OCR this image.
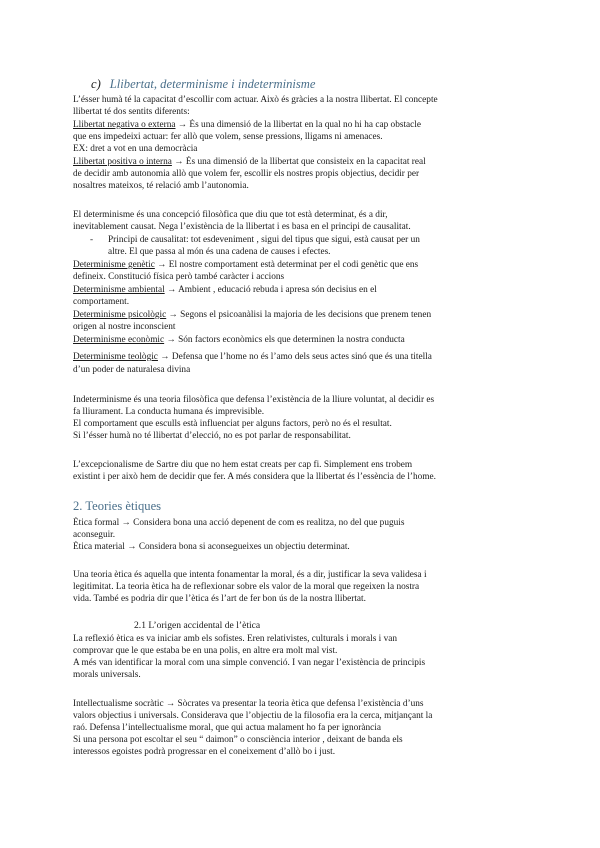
c) Llibertat, determinisme i indeterminisme
L’ésser humà té la capacitat d’escollir com actuar. Això és gràcies a la nostra llibertat. El concepte
llibertat té dos sentits diferents:
Llibertat negativa o externa → És una dimensió de la llibertat en la qual no hi ha cap obstacle
que ens impedeixi actuar: fer allò que volem, sense pressions, lligams ni amenaces.
EX: dret a vot en una democràcia
Llibertat positiva o interna → És una dimensió de la llibertat que consisteix en la capacitat real
de decidir amb autonomia allò que volem fer, escollir els nostres propis objectius, decidir per
nosaltres mateixos, té relació amb l’autonomia.
El determinisme és una concepció filosòfica que diu que tot està determinat, és a dir,
inevitablement causat. Nega l’existència de la llibertat i es basa en el principi de causalitat.
- Principi de causalitat: tot esdeveniment , sigui del tipus que sigui, està causat per un
altre. El que passa al món és una cadena de causes i efectes.
Determinisme genètic → El nostre comportament està determinat per el codi genètic que ens
defineix. Constitució física però també caràcter i accions
Determinisme ambiental → Ambient , educació rebuda i apresa són decisius en el
comportament.
Determinisme psicològic → Segons el psicoanàlisi la majoria de les decisions que prenem tenen
origen al nostre inconscient
Determinisme econòmic → Són factors econòmics els que determinen la nostra conducta
Determinisme teològic → Defensa que l’home no és l’amo dels seus actes sinó que és una titella
d’un poder de naturalesa divina
Indeterminisme és una teoria filosòfica que defensa l’existència de la lliure voluntat, al decidir es
fa lliurament. La conducta humana és imprevisible.
El comportament que esculls està influenciat per alguns factors, però no és el resultat.
Si l’ésser humà no té llibertat d’elecció, no es pot parlar de responsabilitat.
L’excepcionalisme de Sartre diu que no hem estat creats per cap fi. Simplement ens trobem
existint i per això hem de decidir que fer. A més considera que la llibertat és l’essència de l’home.
2. Teories ètiques
Ètica formal → Considera bona una acció depenent de com es realitza, no del que puguis
aconseguir.
Ètica material → Considera bona si aconsegueixes un objectiu determinat.
Una teoria ètica és aquella que intenta fonamentar la moral, és a dir, justificar la seva validesa i
legitimitat. La teoria ètica ha de reflexionar sobre els valor de la moral que regeixen la nostra
vida. També es podria dir que l’ètica és l’art de fer bon ús de la nostra llibertat.
2.1 L’origen accidental de l’ètica
La reflexió ètica es va iniciar amb els sofistes. Eren relativistes, culturals i morals i van
comprovar que le que estaba be en una polis, en altre era molt mal vist.
A més van identificar la moral com una simple convenció. I van negar l’existència de principis
morals universals.
Intellectualisme socràtic → Sòcrates va presentar la teoria ètica que defensa l’existència d’uns
valors objectius i universals. Considerava que l’objectiu de la filosofia era la cerca, mitjançant la
raó. Defensa l’intellectualisme moral, que qui actua malament ho fa per ignorància
Si una persona pot escoltar el seu “ daimon” o consciència interior , deixant de banda els
interessos egoistes podrà progressar en el coneixement d’allò bo i just.
